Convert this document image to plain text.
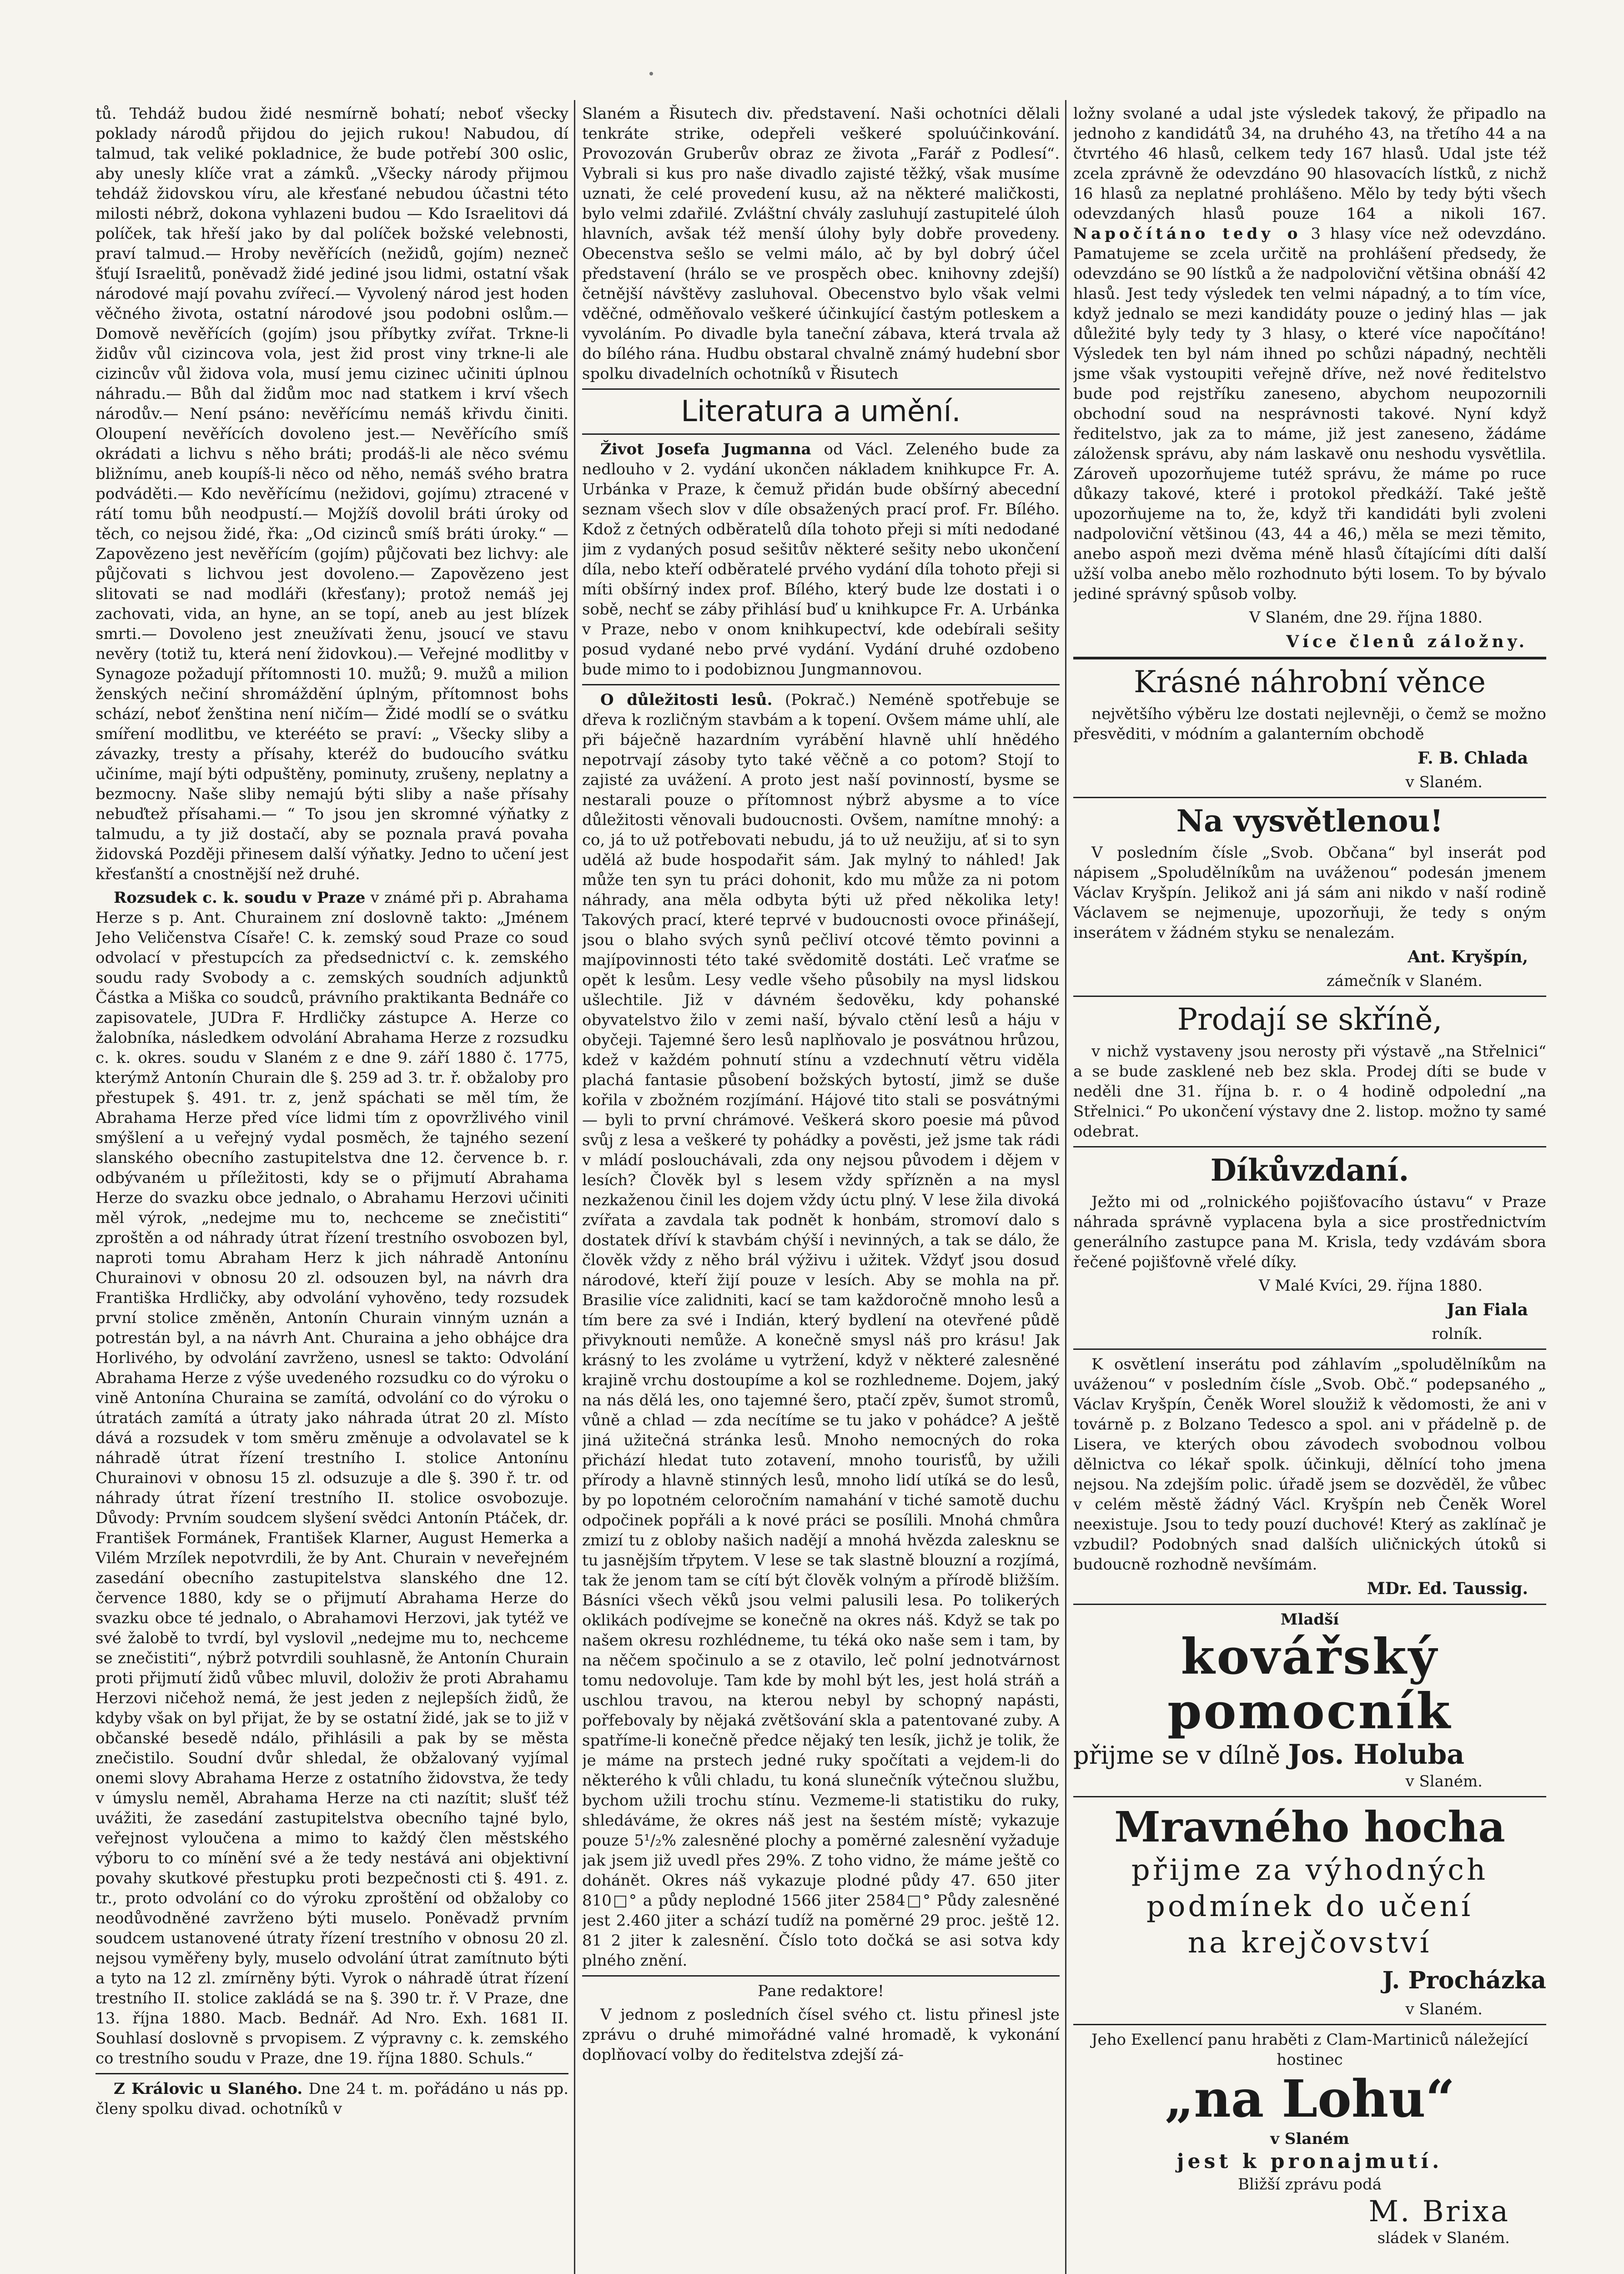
tů. Tehdáž budou židé nesmírně bohatí; neboť všecky poklady národů přijdou do jejich rukou! Nabudou, dí talmud, tak veliké pokladnice, že bude potřebí 300 oslic, aby unesly klíče vrat a zámků. „Všecky národy přijmou tehdáž židovskou víru, ale křesťané nebudou účastni této milosti nébrž, dokona vyhlazeni budou — Kdo Israelitovi dá políček, tak hřeší jako by dal políček božské velebnosti, praví talmud.— Hroby nevěřících (nežidů, gojím) nezneč šťují Israelitů, poněvadž židé jediné jsou lidmi, ostatní však národové mají povahu zvířecí.— Vyvolený národ jest hoden věčného života, ostatní národové jsou podobni oslům.— Domově nevěřících (gojím) jsou příbytky zvířat. Trkne-li židův vůl cizincova vola, jest žid prost viny trkne-li ale cizincův vůl židova vola, musí jemu cizinec učiniti úplnou náhradu.— Bůh dal židům moc nad statkem i krví všech národův.— Není psáno: nevěřícímu nemáš křivdu činiti. Oloupení nevěřících dovoleno jest.— Nevěřícího smíš okrádati a lichvu s něho bráti; prodáš-li ale něco svému bližnímu, aneb koupíš-li něco od něho, nemáš svého bratra podváděti.— Kdo nevěřícímu (nežidovi, gojímu) ztracené v rátí tomu bůh neodpustí.— Mojžíš dovolil bráti úroky od těch, co nejsou židé, řka: „Od cizinců smíš bráti úroky.“ — Zapovězeno jest nevěřícím (gojím) půjčovati bez lichvy: ale půjčovati s lichvou jest dovoleno.— Zapovězeno jest slitovati se nad modláři (křesťany); protož nemáš jej zachovati, vida, an hyne, an se topí, aneb au jest blízek smrti.— Dovoleno jest zneužívati ženu, jsoucí ve stavu nevěry (totiž tu, která není židovkou).— Veřejné modlitby v Synagoze požadují přítomnosti 10. mužů; 9. mužů a milion ženských nečiní shromáždění úplným, přítomnost bohs schází, neboť ženština není ničím— Židé modlí se o svátku smíření modlitbu, ve kterééto se praví: „ Všecky sliby a závazky, tresty a přísahy, kteréž do budoucího svátku učiníme, mají býti odpuštěny, pominuty, zrušeny, neplatny a bezmocny. Naše sliby nemajú býti sliby a naše přísahy nebuďtež přísahami.— “ To jsou jen skromné výňatky z talmudu, a ty již dostačí, aby se poznala pravá povaha židovská Později přinesem další výňatky. Jedno to učení jest křesťanští a cnostnější než druhé.

Rozsudek c. k. soudu v Praze v známé při p. Abrahama Herze s p. Ant. Churainem zní doslovně takto: „Jménem Jeho Veličenstva Císaře! C. k. zemský soud Praze co soud odvolací v přestupcích za předsednictví c. k. zemského soudu rady Svobody a c. zemských soudních adjunktů Částka a Miška co soudců, právního praktikanta Bednáře co zapisovatele, JUDra F. Hrdličky zástupce A. Herze co žalobníka, následkem odvolání Abrahama Herze z rozsudku c. k. okres. soudu v Slaném z e dne 9. září 1880 č. 1775, kterýmž Antonín Churain dle §. 259 ad 3. tr. ř. obžaloby pro přestupek §. 491. tr. z, jenž spáchati se měl tím, že Abrahama Herze před více lidmi tím z opovržlivého vinil smýšlení a u veřejný vydal posměch, že tajného sezení slanského obecního zastupitelstva dne 12. července b. r. odbývaném u příležitosti, kdy se o přijmutí Abrahama Herze do svazku obce jednalo, o Abrahamu Herzovi učiniti měl výrok, „nedejme mu to, nechceme se znečistiti“ zproštěn a od náhrady útrat řízení trestního osvobozen byl, naproti tomu Abraham Herz k jich náhradě Antonínu Churainovi v obnosu 20 zl. odsouzen byl, na návrh dra Františka Hrdličky, aby odvolání vyhověno, tedy rozsudek první stolice změněn, Antonín Churain vinným uznán a potrestán byl, a na návrh Ant. Churaina a jeho obhájce dra Horlivého, by odvolání zavrženo, usnesl se takto: Odvolání Abrahama Herze z výše uvedeného rozsudku co do výroku o vině Antonína Churaina se zamítá, odvolání co do výroku o útratách zamítá a útraty jako náhrada útrat 20 zl. Místo dává a rozsudek v tom směru změnuje a odvolavatel se k náhradě útrat řízení trestního I. stolice Antonínu Churainovi v obnosu 15 zl. odsuzuje a dle §. 390 ř. tr. od náhrady útrat řízení trestního II. stolice osvobozuje. Důvody: Prvním soudcem slyšení svědci Antonín Ptáček, dr. František Formánek, František Klarner, August Hemerka a Vilém Mrzílek nepotvrdili, že by Ant. Churain v neveřejném zasedání obecního zastupitelstva slanského dne 12. července 1880, kdy se o přijmutí Abrahama Herze do svazku obce té jednalo, o Abrahamovi Herzovi, jak tytéž ve své žalobě to tvrdí, byl vyslovil „nedejme mu to, nechceme se znečistiti“, nýbrž potvrdili souhlasně, že Antonín Churain proti přijmutí židů vůbec mluvil, doloživ že proti Abrahamu Herzovi ničehož nemá, že jest jeden z nejlepších židů, že kdyby však on byl přijat, že by se ostatní židé, jak se to již v občanské besedě ndálo, přihlásili a pak by se města znečistilo. Soudní dvůr shledal, že obžalovaný vyjímal onemi slovy Abrahama Herze z ostatního židovstva, že tedy v úmyslu neměl, Abrahama Herze na cti nazítit; slušť též uvážiti, že zasedání zastupitelstva obecního tajné bylo, veřejnost vyloučena a mimo to každý člen městského výboru to co mínění své a že tedy nestává ani objektivní povahy skutkové přestupku proti bezpečnosti cti §. 491. z. tr., proto odvolání co do výroku zproštění od obžaloby co neodůvodněné zavrženo býti muselo. Poněvadž prvním soudcem ustanovené útraty řízení trestního v obnosu 20 zl. nejsou vyměřeny byly, muselo odvolání útrat zamítnuto býti a tyto na 12 zl. zmírněny býti. Vyrok o náhradě útrat řízení trestního II. stolice zakládá se na §. 390 tr. ř. V Praze, dne 13. října 1880. Macb. Bednář. Ad Nro. Exh. 1681 II. Souhlasí doslovně s prvopisem. Z výpravny c. k. zemského co trestního soudu v Praze, dne 19. října 1880. Schuls.“

Z Královic u Slaného. Dne 24 t. m. pořádáno u nás pp. členy spolku divad. ochotníků v

Slaném a Řisutech div. představení. Naši ochotníci dělali tenkráte strike, odepřeli veškeré spoluúčinkování. Provozován Gruberův obraz ze života „Farář z Podlesí“. Vybrali si kus pro naše divadlo zajisté těžký, však musíme uznati, že celé provedení kusu, až na některé maličkosti, bylo velmi zdařilé. Zvláštní chvály zasluhují zastupitelé úloh hlavních, avšak též menší úlohy byly dobře provedeny. Obecenstva sešlo se velmi málo, ač by byl dobrý účel představení (hrálo se ve prospěch obec. knihovny zdejší) četnější návštěvy zasluhoval. Obecenstvo bylo však velmi vděčné, odměňovalo veškeré účinkující častým potleskem a vyvoláním. Po divadle byla taneční zábava, která trvala až do bílého rána. Hudbu obstaral chvalně známý hudební sbor spolku divadelních ochotníků v Řisutech

Literatura a umění.

Život Josefa Jugmanna od Václ. Zeleného bude za nedlouho v 2. vydání ukončen nákladem knihkupce Fr. A. Urbánka v Praze, k čemuž přidán bude obšírný abecední seznam všech slov v díle obsažených prací prof. Fr. Bílého. Kdož z četných odběratelů díla tohoto přeji si míti nedodané jim z vydaných posud sešitův některé sešity nebo ukončení díla, nebo kteří odběratelé prvého vydání díla tohoto přeji si míti obšírný index prof. Bílého, který bude lze dostati i o sobě, nechť se záby přihlásí buď u knihkupce Fr. A. Urbánka v Praze, nebo v onom knihkupectví, kde odebírali sešity posud vydané nebo prvé vydání. Vydání druhé ozdobeno bude mimo to i podobiznou Jungmannovou.

O důležitosti lesů. (Pokrač.) Neméně spotřebuje se dřeva k rozličným stavbám a k topení. Ovšem máme uhlí, ale při báječně hazardním vyrábění hlavně uhlí hnědého nepotrvají zásoby tyto také věčně a co potom? Stojí to zajisté za uvážení. A proto jest naší povinností, bysme se nestarali pouze o přítomnost nýbrž abysme a to více důležitosti věnovali budoucnosti. Ovšem, namítne mnohý: a co, já to už potřebovati nebudu, já to už neužiju, ať si to syn udělá až bude hospodařit sám. Jak mylný to náhled! Jak může ten syn tu práci dohonit, kdo mu může za ni potom náhrady, ana měla odbyta býti už před několika lety! Takových prací, které teprvé v budoucnosti ovoce přinášejí, jsou o blaho svých synů pečliví otcové těmto povinni a majípovinnosti této také svědomitě dostáti. Leč vraťme se opět k lesům. Lesy vedle všeho působily na mysl lidskou ušlechtile. Již v dávném šedověku, kdy pohanské obyvatelstvo žilo v zemi naší, bývalo ctění lesů a háju v obyčeji. Tajemné šero lesů naplňovalo je posvátnou hrůzou, kdež v každém pohnutí stínu a vzdechnutí větru viděla plachá fantasie působení božských bytostí, jimž se duše kořila v zbožném rozjímání. Hájové tito stali se posvátnými — byli to první chrámové. Veškerá skoro poesie má původ svůj z lesa a veškeré ty pohádky a pověsti, jež jsme tak rádi v mládí poslouchávali, zda ony nejsou původem i dějem v lesích? Člověk byl s lesem vždy spřízněn a na mysl nezkaženou činil les dojem vždy úctu plný. V lese žila divoká zvířata a zavdala tak podnět k honbám, stromoví dalo s dostatek dříví k stavbám chýší i nevinných, a tak se dálo, že člověk vždy z něho brál výživu i užitek. Vždyť jsou dosud národové, kteří žijí pouze v lesích. Aby se mohla na př. Brasilie více zalidniti, kací se tam každoročně mnoho lesů a tím bere za své i Indián, který bydlení na otevřené půdě přivyknouti nemůže. A konečně smysl náš pro krásu! Jak krásný to les zvoláme u vytržení, když v některé zalesněné krajině vrchu dostoupíme a kol se rozhledneme. Dojem, jaký na nás dělá les, ono tajemné šero, ptačí zpěv, šumot stromů, vůně a chlad — zda necítíme se tu jako v pohádce? A ještě jiná užitečná stránka lesů. Mnoho nemocných do roka přichází hledat tuto zotavení, mnoho tourisťů, by užili přírody a hlavně stinných lesů, mnoho lidí utíká se do lesů, by po lopotném celoročním namahání v tiché samotě duchu odpočinek popřáli a k nové práci se posílili. Mnohá chmůra zmizí tu z obloby našich nadějí a mnohá hvězda zalesknu se tu jasnějším třpytem. V lese se tak slastně blouzní a rozjímá, tak že jenom tam se cítí být člověk volným a přírodě bližším. Básníci všech věků jsou velmi palusili lesa. Po tolikerých oklikách podívejme se konečně na okres náš. Když se tak po našem okresu rozhlédneme, tu téká oko naše sem i tam, by na něčem spočinulo a se z otavilo, leč polní jednotvárnost tomu nedovoluje. Tam kde by mohl být les, jest holá stráň a uschlou travou, na kterou nebyl by schopný napásti, pořfebovaly by nějaká zvětšování skla a patentované zuby. A spatříme-li konečně předce nějaký ten lesík, jichž je tolik, že je máme na prstech jedné ruky spočítati a vejdem-li do některého k vůli chladu, tu koná slunečník výtečnou službu, bychom užili trochu stínu. Vezmeme-li statistiku do ruky, shledáváme, že okres náš jest na šestém místě; vykazuje pouze 5¹/₂% zalesněné plochy a poměrné zalesnění vyžaduje jak jsem již uvedl přes 29%. Z toho vidno, že máme ještě co dohánět. Okres náš vykazuje plodné půdy 47. 650 jiter 810□° a půdy neplodné 1566 jiter 2584□° Půdy zalesněné jest 2.460 jiter a schází tudíž na poměrné 29 proc. ještě 12. 81 2 jiter k zalesnění. Číslo toto dočká se asi sotva kdy plného znění.

Pane redaktore!

V jednom z posledních čísel svého ct. listu přinesl jste zprávu o druhé mimořádné valné hromadě, k vykonání doplňovací volby do ředitelstva zdejší zá-

ložny svolané a udal jste výsledek takový, že připadlo na jednoho z kandidátů 34, na druhého 43, na třetího 44 a na čtvrtého 46 hlasů, celkem tedy 167 hlasů. Udal jste též zcela zprávně že odevzdáno 90 hlasovacích lístků, z nichž 16 hlasů za neplatné prohlášeno. Mělo by tedy býti všech odevzdaných hlasů pouze 164 a nikoli 167. Napočítáno tedy o 3 hlasy více než odevzdáno. Pamatujeme se zcela určitě na prohlášení předsedy, že odevzdáno se 90 lístků a že nadpoloviční většina obnáší 42 hlasů. Jest tedy výsledek ten velmi nápadný, a to tím více, když jednalo se mezi kandidáty pouze o jediný hlas — jak důležité byly tedy ty 3 hlasy, o které více napočítáno! Výsledek ten byl nám ihned po schůzi nápadný, nechtěli jsme však vystoupiti veřejně dříve, než nové ředitelstvo bude pod rejstříku zaneseno, abychom neupozornili obchodní soud na nesprávnosti takové. Nyní když ředitelstvo, jak za to máme, již jest zaneseno, žádáme záložensk správu, aby nám laskavě onu neshodu vysvětlila. Zároveň upozorňujeme tutéž správu, že máme po ruce důkazy takové, které i protokol předkáží. Také ještě upozorňujeme na to, že, když tři kandidáti byli zvoleni nadpoloviční většinou (43, 44 a 46,) měla se mezi těmito, anebo aspoň mezi dvěma méně hlasů čítajícími díti další užší volba anebo mělo rozhodnuto býti losem. To by bývalo jediné správný spůsob volby.

V Slaném, dne 29. října 1880.

Více členů záložny.

Krásné náhrobní věnce

největšího výběru lze dostati nejlevněji, o čemž se možno přesvěditi, v módním a galanterním obchodě

F. B. Chlada

v Slaném.

Na vysvětlenou!

V posledním čísle „Svob. Občana“ byl inserát pod nápisem „Spoludělníkům na uváženou“ podesán jmenem Václav Kryšpín. Jelikož ani já sám ani nikdo v naší rodině Václavem se nejmenuje, upozorňuji, že tedy s oným inserátem v žádném styku se nenalezám.

Ant. Kryšpín,

zámečník v Slaném.

Prodají se skříně,

v nichž vystaveny jsou nerosty při výstavě „na Střelnici“ a se bude zasklené neb bez skla. Prodej díti se bude v neděli dne 31. října b. r. o 4 hodině odpolední „na Střelnici.“ Po ukončení výstavy dne 2. listop. možno ty samé odebrat.

Díkůvzdaní.

Ježto mi od „rolnického pojišťovacího ústavu“ v Praze náhrada správně vyplacena byla a sice prostřednictvím generálního zastupce pana M. Krisla, tedy vzdávám sbora řečené pojišťovně vřelé díky.

V Malé Kvíci, 29. října 1880.

Jan Fiala

rolník.

K osvětlení inserátu pod záhlavím „spoludělníkům na uváženou“ v posledním čísle „Svob. Obč.“ podepsaného „ Václav Kryšpín, Čeněk Worel sloužiž k vědomosti, že ani v továrně p. z Bolzano Tedesco a spol. ani v přádelně p. de Lisera, ve kterých obou závodech svobodnou volbou dělnictva co lékař spolk. účinkuji, dělnící toho jmena nejsou. Na zdejším polic. úřadě jsem se dozvěděl, že vůbec v celém městě žádný Václ. Kryšpín neb Čeněk Worel neexistuje. Jsou to tedy pouzí duchové! Který as zaklínač je vzbudil? Podobných snad dalších uličnických útoků si budoucně rozhodně nevšímám.

MDr. Ed. Taussig.

Mladší
kovářský pomocník
přijme se v dílně Jos. Holuba

v Slaném.

Mravného hocha
přijme za výhodných podmínek do učení
na krejčovství
J. Procházka

v Slaném.

Jeho Exellencí panu hraběti z Clam-Martiniců náležející hostinec
„na Lohu“
v Slaném
jest k pronajmutí.
Bližší zprávu podá
M. Brixa
sládek v Slaném.
